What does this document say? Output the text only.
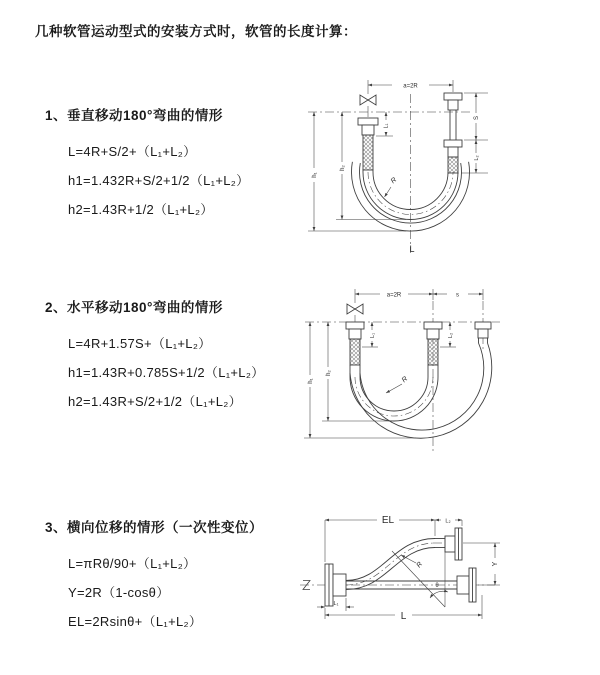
几种软管运动型式的安装方式时，软管的长度计算：
1、垂直移动180°弯曲的情形
L=4R+S/2+（L₁+L₂）
h1=1.432R+S/2+1/2（L₁+L₂）
h2=1.43R+1/2（L₁+L₂）
a=2R
L₁
S
L₂
h₂
h₁
R
L
2、水平移动180°弯曲的情形
L=4R+1.57S+（L₁+L₂）
h1=1.43R+0.785S+1/2（L₁+L₂）
h2=1.43R+S/2+1/2（L₁+L₂）
a=2R	s
L₁	L₂
h₂
h₁	R
3、横向位移的情形（一次性变位）
L=πRθ/90+（L₁+L₂）
Y=2R（1-cosθ）
EL=2Rsinθ+（L₁+L₂）
EL	L₂
Y
R
θ
L₁
L
